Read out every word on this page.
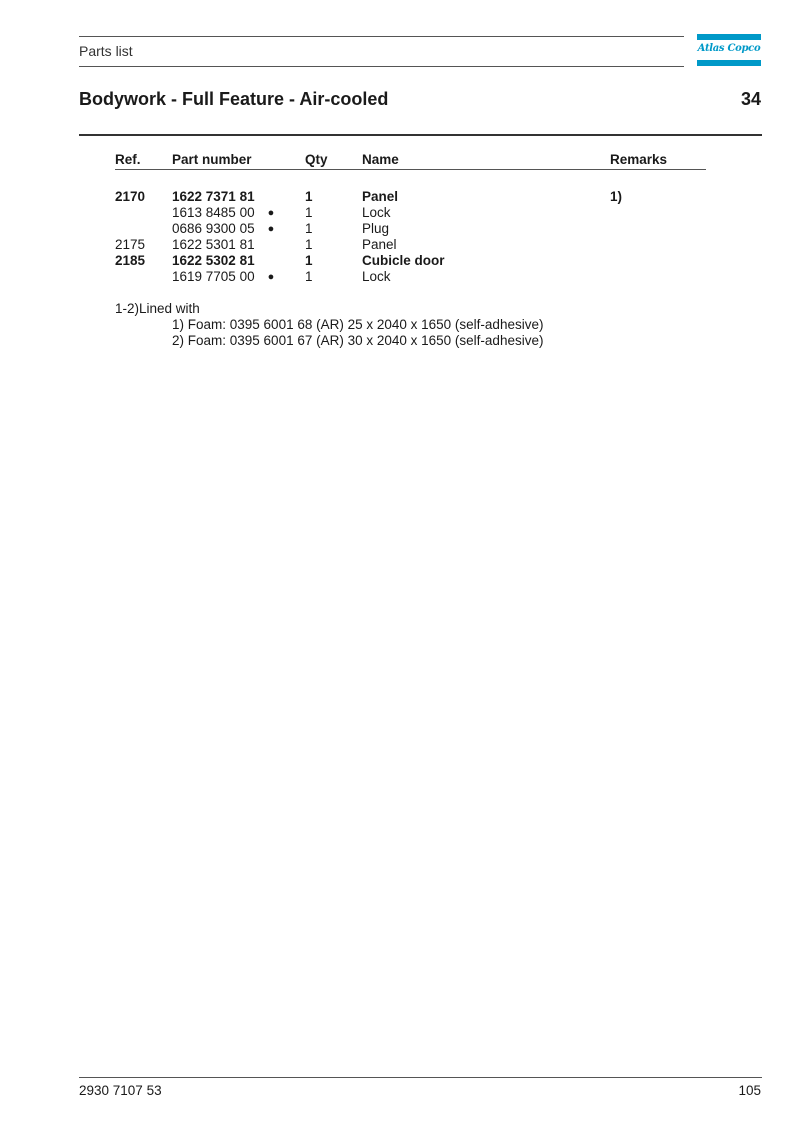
Parts list	Atlas Copco
Bodywork - Full Feature - Air-cooled	34
Ref. Part number	Qty	Name	Remarks
2170 1622 7371 81	1	Panel	1)
1613 8485 00 ● 1	Lock
0686 9300 05 ● 1	Plug
2175 1622 5301 81	1	Panel
2185 1622 5302 81	1	Cubicle door
1619 7705 00 ● 1	Lock
1-2)Lined with
1) Foam: 0395 6001 68 (AR) 25 x 2040 x 1650 (self-adhesive)
2) Foam: 0395 6001 67 (AR) 30 x 2040 x 1650 (self-adhesive)
2930 7107 53	105
